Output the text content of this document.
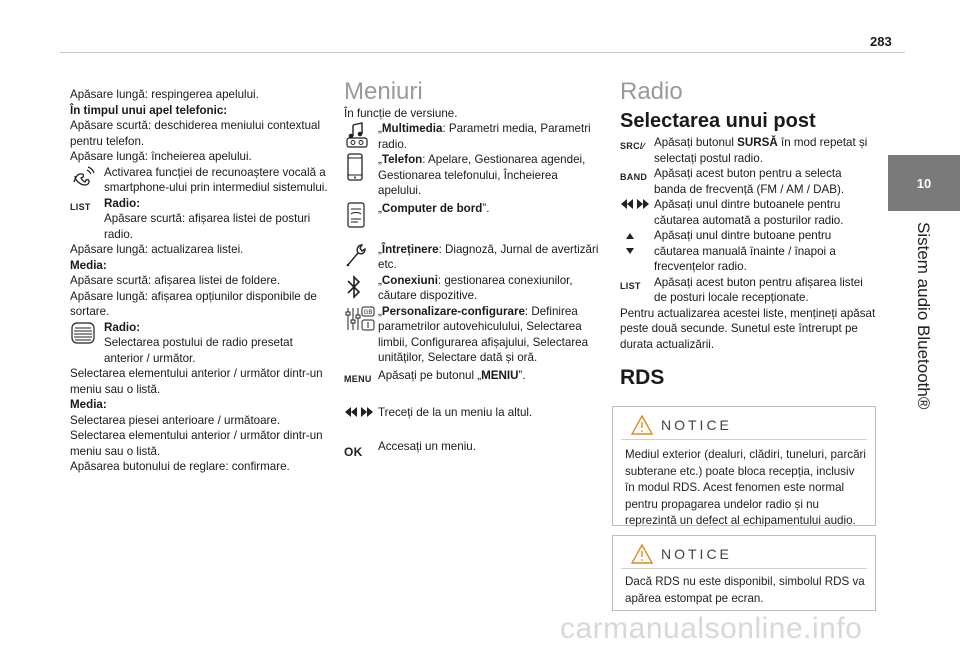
283
10
Sistem audio Bluetooth®

Apăsare lungă: respingerea apelului.

În timpul unui apel telefonic:

Apăsare scurtă: deschiderea meniului contextual pentru telefon.

Apăsare lungă: încheierea apelului.

Activarea funcției de recunoaștere vocală a smartphone-ului prin intermediul sistemului.
LIST Radio:
Apăsare scurtă: afișarea listei de posturi radio.

Apăsare lungă: actualizarea listei.

Media:

Apăsare scurtă: afișarea listei de foldere.

Apăsare lungă: afișarea opțiunilor disponibile de sortare.

Radio:
Selectarea postului de radio presetat anterior / următor.

Selectarea elementului anterior / următor dintr-un meniu sau o listă.

Media:

Selectarea piesei anterioare / următoare.

Selectarea elementului anterior / următor dintr-un meniu sau o listă.

Apăsarea butonului de reglare: confirmare.

Meniuri

În funcție de versiune.

„Multimedia: Parametri media, Parametri radio.
„Telefon: Apelare, Gestionarea agendei, Gestionarea telefonului, Încheierea apelului.
„Computer de bord”.
„Întreținere: Diagnoză, Jurnal de avertizări etc.
„Conexiuni: gestionarea conexiunilor, căutare dispozitive.
GB „Personalizare-configurare: Definirea parametrilor autovehiculului, Selectarea limbii, Configurarea afișajului, Selectarea unităților, Selectare dată și oră.
MENU Apăsați pe butonul „MENIU”.
Treceți de la un meniu la altul.
OK Accesați un meniu.

Radio

Selectarea unui post

SRC/∕ Apăsați butonul SURSĂ în mod repetat și selectați postul radio.
BAND Apăsați acest buton pentru a selecta banda de frecvență (FM / AM / DAB).
Apăsați unul dintre butoanele pentru căutarea automată a posturilor radio.
Apăsați unul dintre butoane pentru căutarea manuală înainte / înapoi a frecvențelor radio.
LIST Apăsați acest buton pentru afișarea listei de posturi locale recepționate.

Pentru actualizarea acestei liste, mențineți apăsat peste două secunde. Sunetul este întrerupt pe durata actualizării.

RDS

NOTICE
Mediul exterior (dealuri, clădiri, tuneluri, parcări subterane etc.) poate bloca recepția, inclusiv în modul RDS. Acest fenomen este normal pentru propagarea undelor radio și nu reprezintă un defect al echipamentului audio.
NOTICE
Dacă RDS nu este disponibil, simbolul RDS va apărea estompat pe ecran.
carmanualsonline.info
